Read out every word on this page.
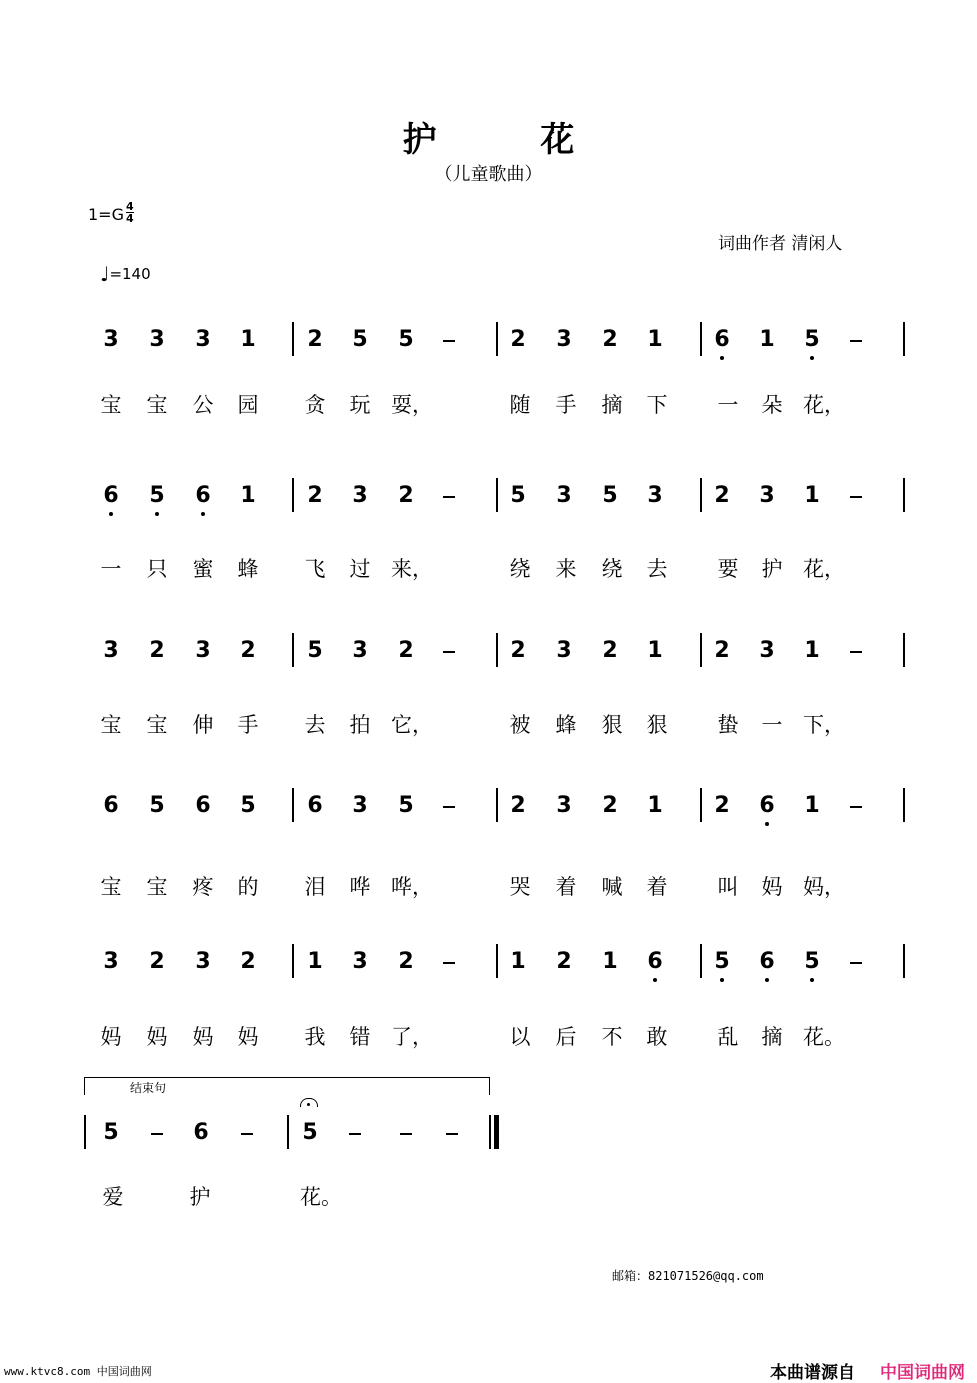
护 花
（儿童歌曲）
$1=G \frac{4}{4}$
♩=140
词曲作者 清闲人
3 3 3 1 2 5 5	2 3 2 1 6 1 5
宝 宝 公 园 贪 玩 耍，	随 手 摘 下 一 朵 花，
6 5 6 1 2 3 2	5 3 5 3 2 3 1
一 只 蜜 蜂 飞 过 来，	绕 来 绕 去 要 护 花，
3 2 3 2 5 3 2	2 3 2 1 2 3 1
宝 宝 伸 手 去 拍 它，	被 蜂 狠 狠 蛰 一 下，
6 5 6 5 6 3 5	2 3 2 1 2 6 1
宝 宝 疼 的 泪 哗 哗，	哭 着 喊 着 叫 妈 妈，
3 2 3 2 1 3 2	1 2 1 6 5 6 5
妈 妈 妈 妈 我 错 了，	以 后 不 敢 乱 摘 花。
5	6	5
爱	护	花。
结束句
邮箱：821071526@qq.com
www.ktvc8.com 中国词曲网	本曲谱源自 中国词曲网
